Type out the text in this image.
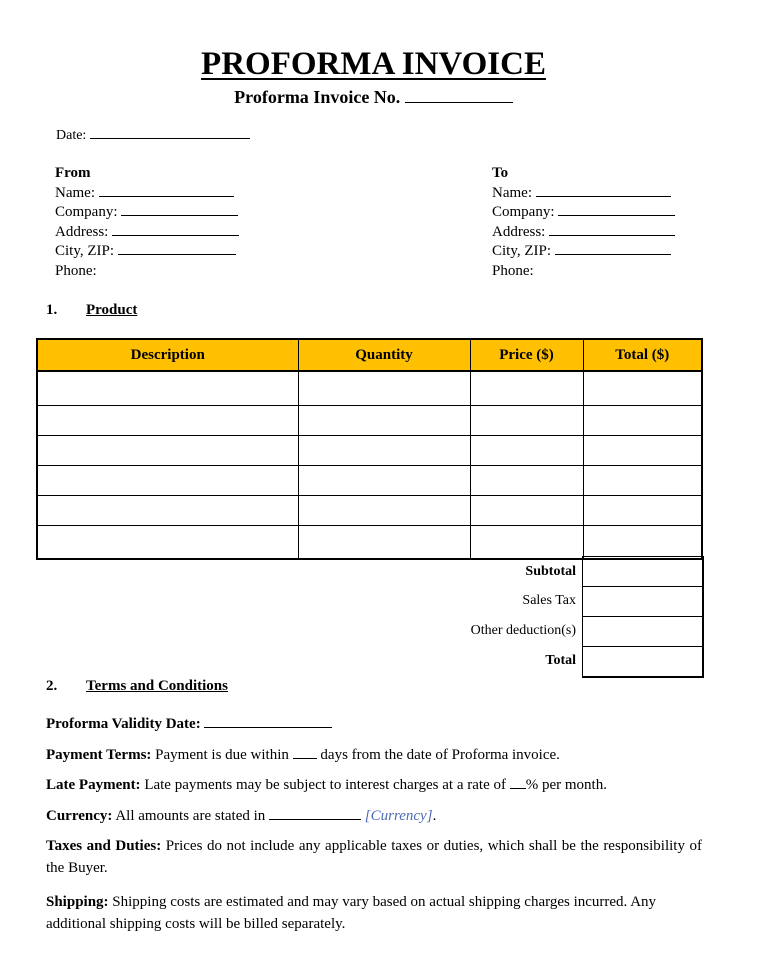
PROFORMA INVOICE
Proforma Invoice No.
Date:
From
Name:
Company:
Address:
City, ZIP:
Phone:
To
Name:
Company:
Address:
City, ZIP:
Phone:
1. Product
Description	Quantity	Price ($)	Total ($)

Subtotal
Sales Tax
Other deduction(s)
Total
2. Terms and Conditions
Proforma Validity Date:
Payment Terms: Payment is due within days from the date of Proforma invoice.
Late Payment: Late payments may be subject to interest charges at a rate of % per month.
Currency: All amounts are stated in	[Currency].
Taxes and Duties: Prices do not include any applicable taxes or duties, which shall be the responsibility of the Buyer.
Shipping: Shipping costs are estimated and may vary based on actual shipping charges incurred. Any additional shipping costs will be billed separately.
